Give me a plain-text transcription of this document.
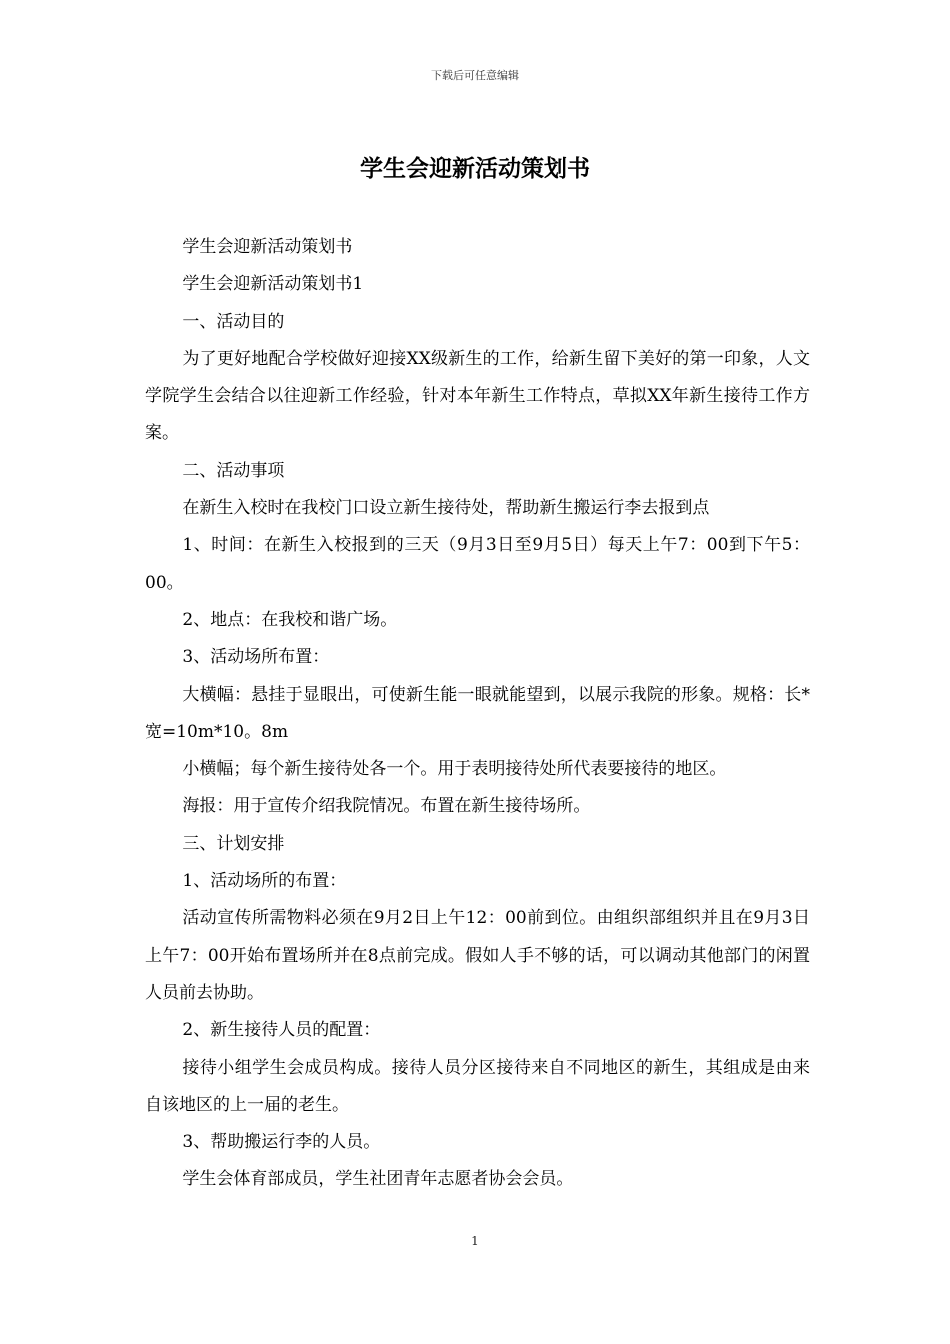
下载后可任意编辑
学生会迎新活动策划书

学生会迎新活动策划书

学生会迎新活动策划书1

一、活动目的

为了更好地配合学校做好迎接XX级新生的工作，给新生留下美好的第一印象，人文学院学生会结合以往迎新工作经验，针对本年新生工作特点，草拟XX年新生接待工作方案。

二、活动事项

在新生入校时在我校门口设立新生接待处，帮助新生搬运行李去报到点

1、时间：在新生入校报到的三天（9月3日至9月5日）每天上午7：00到下午5：00。

2、地点：在我校和谐广场。

3、活动场所布置：

大横幅：悬挂于显眼出，可使新生能一眼就能望到，以展示我院的形象。规格：长*宽=10m*10。8m

小横幅；每个新生接待处各一个。用于表明接待处所代表要接待的地区。

海报：用于宣传介绍我院情况。布置在新生接待场所。

三、计划安排

1、活动场所的布置：

活动宣传所需物料必须在9月2日上午12：00前到位。由组织部组织并且在9月3日上午7：00开始布置场所并在8点前完成。假如人手不够的话，可以调动其他部门的闲置人员前去协助。

2、新生接待人员的配置：

接待小组学生会成员构成。接待人员分区接待来自不同地区的新生，其组成是由来自该地区的上一届的老生。

3、帮助搬运行李的人员。

学生会体育部成员，学生社团青年志愿者协会会员。

1
